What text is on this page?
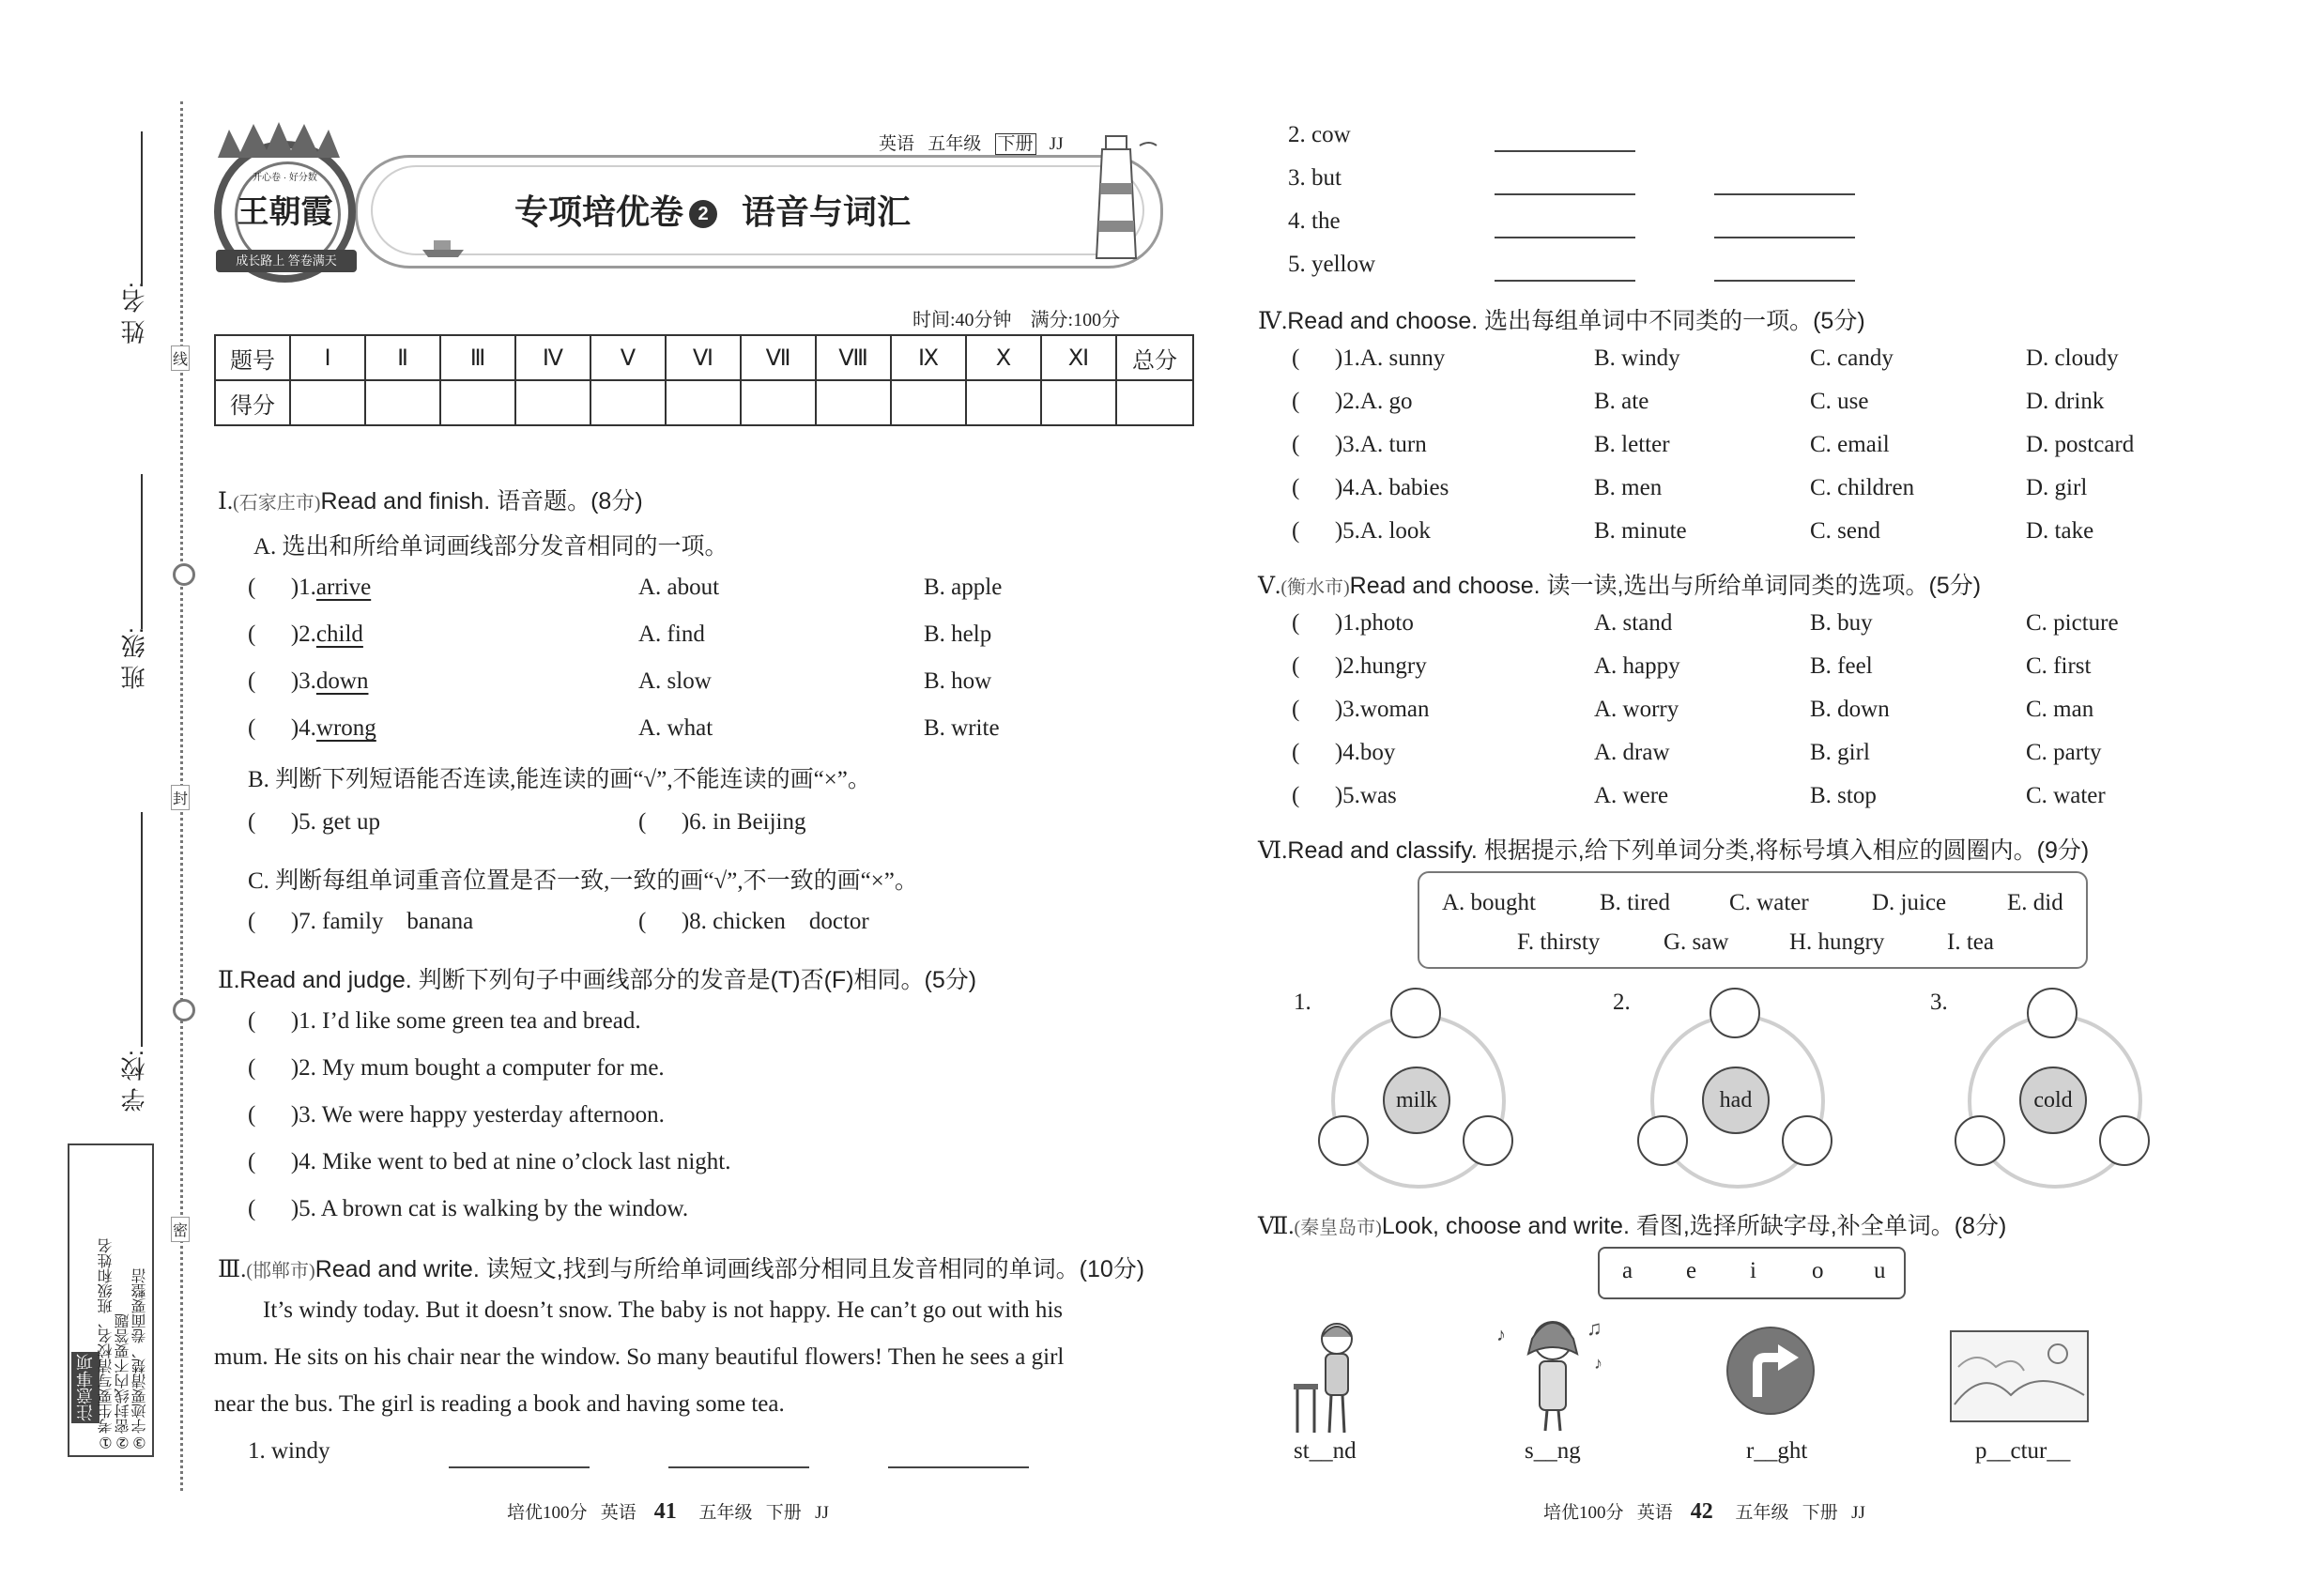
线
封
密
姓 名:
班 级:
学 校:
注意事项 ①考生要写清校名、班级和姓名 ②密封线内不要答题 ③字迹要清楚、卷面要整洁
英语 五年级 下册 JJ
专项培优卷 2 语音与词汇
开心卷 · 好分数
王朝霞
成长路上 答卷满天
时间:40分钟 满分:100分
题号	Ⅰ	Ⅱ	Ⅲ	Ⅳ	Ⅴ	Ⅵ	Ⅶ	Ⅷ	Ⅸ	Ⅹ	Ⅺ	总分
得分												
Ⅰ.(石家庄市)Read and finish. 语音题。(8分)
A. 选出和所给单词画线部分发音相同的一项。
(      )1.arrive	A. about	B. apple
(      )2.child	A. find	B. help
(      )3.down	A. slow	B. how
(      )4.wrong	A. what	B. write
B. 判断下列短语能否连读,能连读的画“√”,不能连读的画“×”。
(      )5. get up	(      )6. in Beijing
C. 判断每组单词重音位置是否一致,一致的画“√”,不一致的画“×”。
(      )7. family    banana	(      )8. chicken    doctor
Ⅱ.Read and judge. 判断下列句子中画线部分的发音是(T)否(F)相同。(5分)
(      )1. I’d like some green tea and bread.
(      )2. My mum bought a computer for me.
(      )3. We were happy yesterday afternoon.
(      )4. Mike went to bed at nine o’clock last night.
(      )5. A brown cat is walking by the window.
Ⅲ.(邯郸市)Read and write. 读短文,找到与所给单词画线部分相同且发音相同的单词。(10分)
It’s windy today. But it doesn’t snow. The baby is not happy. He can’t go out with his
mum. He sits on his chair near the window. So many beautiful flowers! Then he sees a girl
near the bus. The girl is reading a book and having some tea.
1. windy
培优100分 英语 41 五年级 下册 JJ
2. cow
3. but
4. the
5. yellow
Ⅳ.Read and choose. 选出每组单词中不同类的一项。(5分)
(      )1.A. sunny	B. windy	C. candy	D. cloudy
(      )2.A. go	B. ate	C. use	D. drink
(      )3.A. turn	B. letter	C. email	D. postcard
(      )4.A. babies	B. men	C. children	D. girl
(      )5.A. look	B. minute	C. send	D. take
Ⅴ.(衡水市)Read and choose. 读一读,选出与所给单词同类的选项。(5分)
(      )1.photo	A. stand	B. buy	C. picture
(      )2.hungry	A. happy	B. feel	C. first
(      )3.woman	A. worry	B. down	C. man
(      )4.boy	A. draw	B. girl	C. party
(      )5.was	A. were	B. stop	C. water
Ⅵ.Read and classify. 根据提示,给下列单词分类,将标号填入相应的圆圈内。(9分)
A. bought	B. tired	C. water	D. juice	E. did
F. thirsty	G. saw	H. hungry	I. tea
1.
milk
2.
had
3.
cold
Ⅶ.(秦皇岛市)Look, choose and write. 看图,选择所缺字母,补全单词。(8分)
a e i o u
♪	♫
♪
st__nd	s__ng	r__ght	p__ctur__
培优100分 英语 42 五年级 下册 JJ
